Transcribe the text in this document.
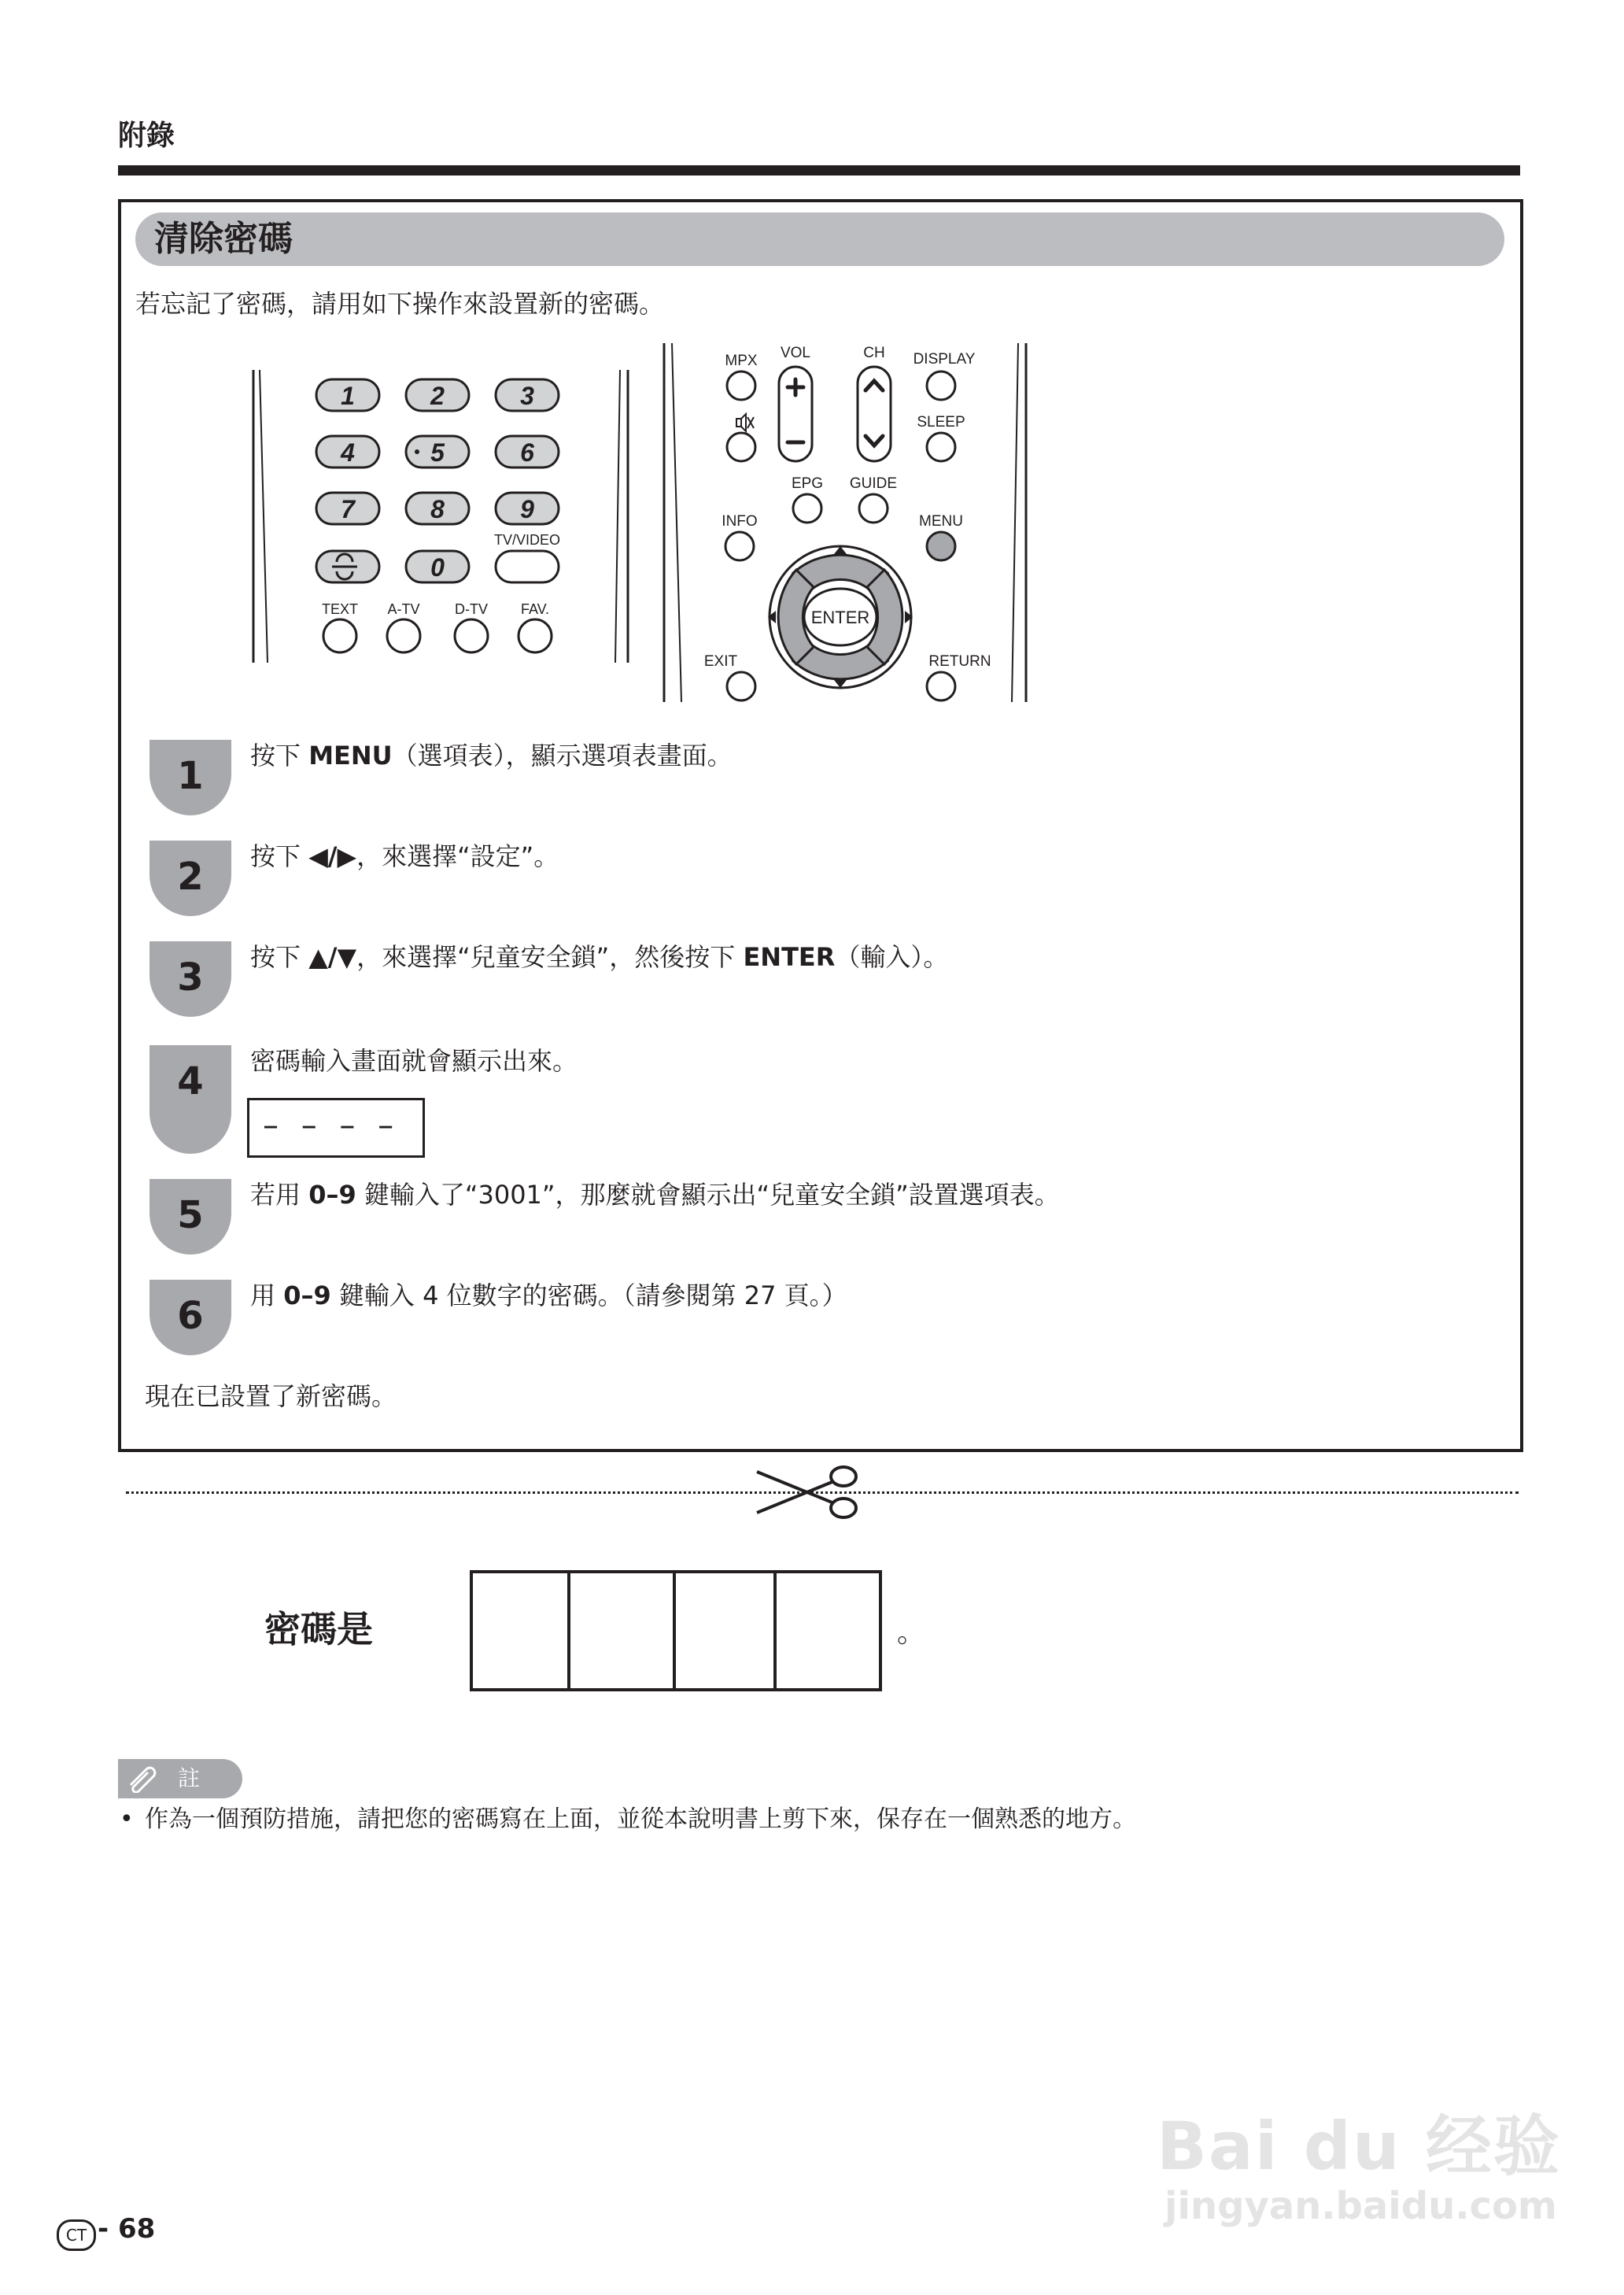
附錄
清除密碼
若忘記了密碼，請用如下操作來設置新的密碼。
1	2	3
4	5	6
7	8	9
0
TV/VIDEO
TEXT A-TV D-TV FAV.
MPX VOL	CH DISPLAY
SLEEP
EPG GUIDE
INFO	MENU
ENTER
EXIT	RETURN
1	按下 MENU（選項表），顯示選項表畫面。
2	按下 ◀/▶，來選擇“設定”。
3	按下 ▲/▼，來選擇“兒童安全鎖”，然後按下 ENTER（輸入）。
4	密碼輸入畫面就會顯示出來。
– – – –
5	若用 0–9 鍵輸入了“3001”，那麼就會顯示出“兒童安全鎖”設置選項表。
6	用 0–9 鍵輸入 4 位數字的密碼。（請參閱第 27 頁。）
現在已設置了新密碼。
密碼是	。
註
• 作為一個預防措施，請把您的密碼寫在上面，並從本說明書上剪下來，保存在一個熟悉的地方。
CT - 68
Bai du 经验
jingyan.baidu.com
